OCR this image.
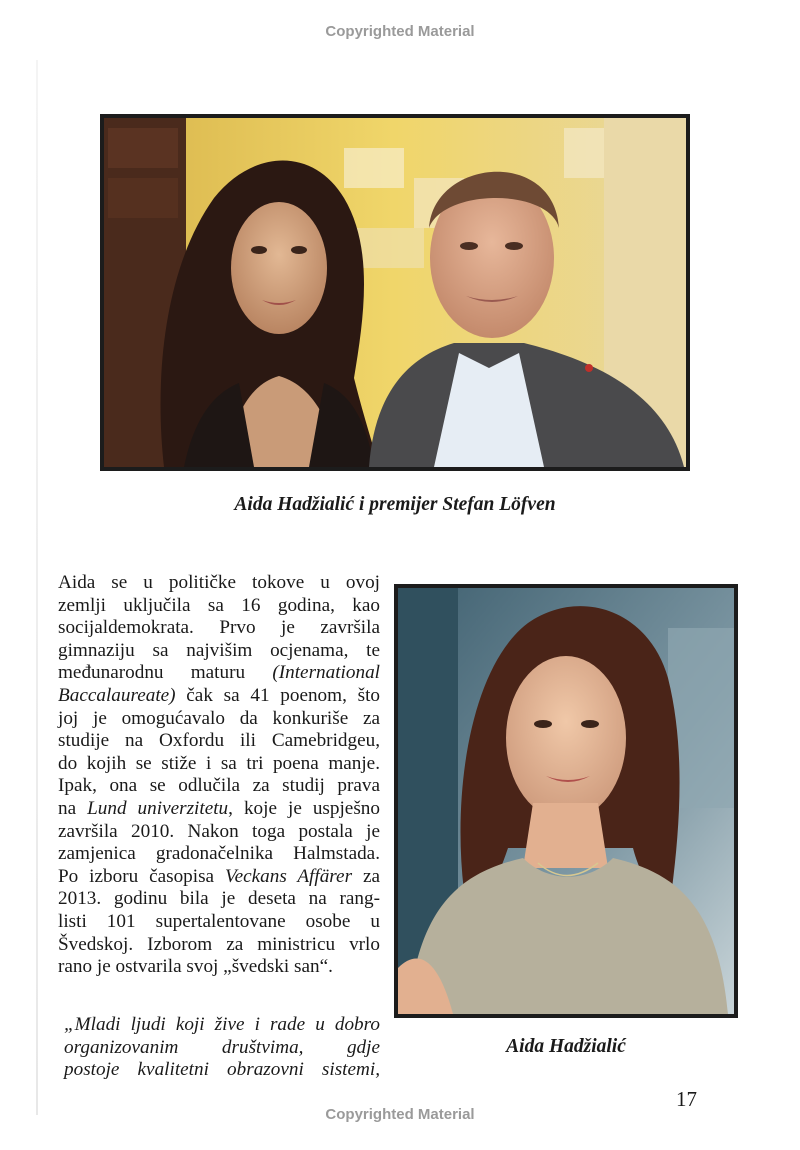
Copyrighted Material
Aida Hadžialić i premijer Stefan Löfven
Aida se u političke tokove u ovoj
zemlji uključila sa 16 godina, kao
socijaldemokrata. Prvo je završila
gimnaziju sa najvišim ocjenama, te
međunarodnu maturu (International
Baccalaureate) čak sa 41 poenom, što
joj je omogućavalo da konkuriše za
studije na Oxfordu ili Camebridgeu,
do kojih se stiže i sa tri poena manje.
Ipak, ona se odlučila za studij prava
na Lund univerzitetu, koje je uspješno
završila 2010. Nakon toga postala je
zamjenica gradonačelnika Halmstada.
Po izboru časopisa Veckans Affärer za
2013. godinu bila je deseta na rang-
listi 101 supertalentovane osobe u
Švedskoj. Izborom za ministricu vrlo
rano je ostvarila svoj „švedski san“.
„Mladi ljudi koji žive i rade u dobro
organizovanim društvima, gdje
postoje kvalitetni obrazovni sistemi,
Aida Hadžialić
17
Copyrighted Material
